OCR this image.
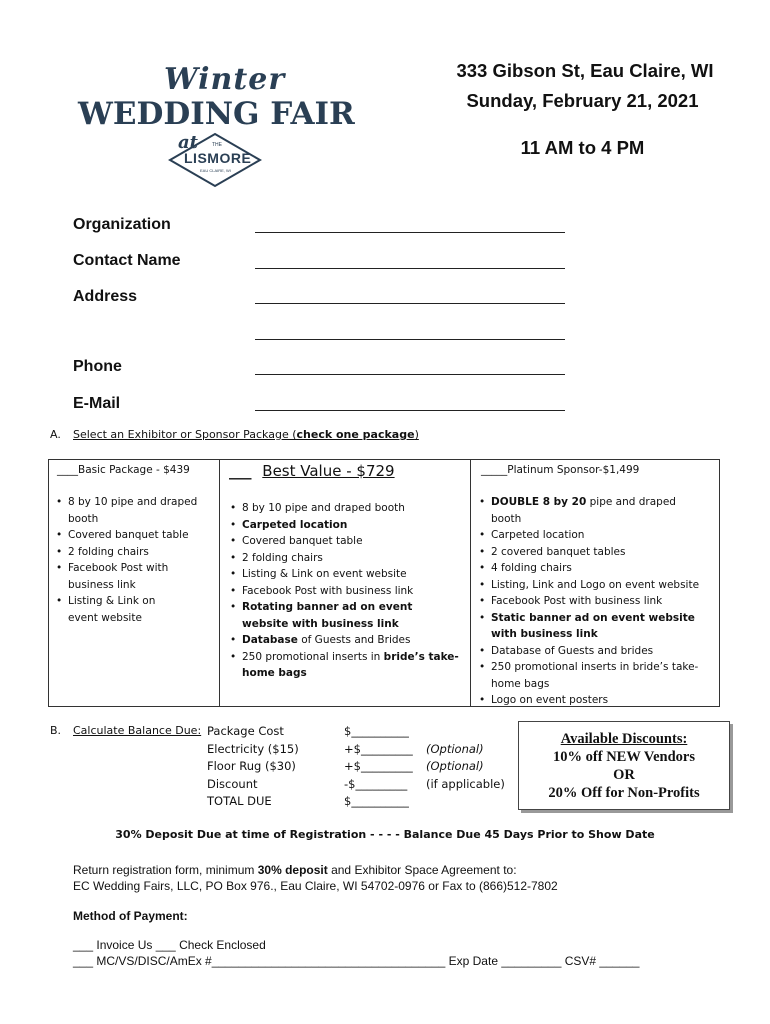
Winter
WEDDING FAIR
at	THE
LISMORE
EAU CLAIRE, WI
333 Gibson St, Eau Claire, WI
Sunday, February 21, 2021
11 AM to 4 PM
Organization
Contact Name
Address
Phone
E-Mail
A. Select an Exhibitor or Sponsor Package (check one package)
____Basic Package - $439
• 8 by 10 pipe and draped booth
• Covered banquet table
• 2 folding chairs
• Facebook Post with business link
• Listing & Link on event website
___ Best Value - $729
• 8 by 10 pipe and draped booth
• Carpeted location
• Covered banquet table
• 2 folding chairs
• Listing & Link on event website
• Facebook Post with business link
• Rotating banner ad on event website with business link
• Database of Guests and Brides
• 250 promotional inserts in bride’s take-home bags
_____Platinum Sponsor-$1,499
• DOUBLE 8 by 20 pipe and draped booth
• Carpeted location
• 2 covered banquet tables
• 4 folding chairs
• Listing, Link and Logo on event website
• Facebook Post with business link
• Static banner ad on event website with business link
• Database of Guests and brides
• 250 promotional inserts in bride’s take-home bags
• Logo on event posters
B. Calculate Balance Due: Package Cost	$__________	
Electricity ($15)	+$_________	(Optional)
Floor Rug ($30)	+$_________	(Optional)
Discount	-$_________	(if applicable)
TOTAL DUE	$__________	
Available Discounts:
10% off NEW Vendors
OR
20% Off for Non-Profits
30% Deposit Due at time of Registration - - - - Balance Due 45 Days Prior to Show Date
Return registration form, minimum 30% deposit and Exhibitor Space Agreement to:
EC Wedding Fairs, LLC, PO Box 976., Eau Claire, WI 54702-0976 or Fax to (866)512-7802
Method of Payment:
___ Invoice Us ___ Check Enclosed
___ MC/VS/DISC/AmEx #___________________________________ Exp Date _________ CSV# ______
